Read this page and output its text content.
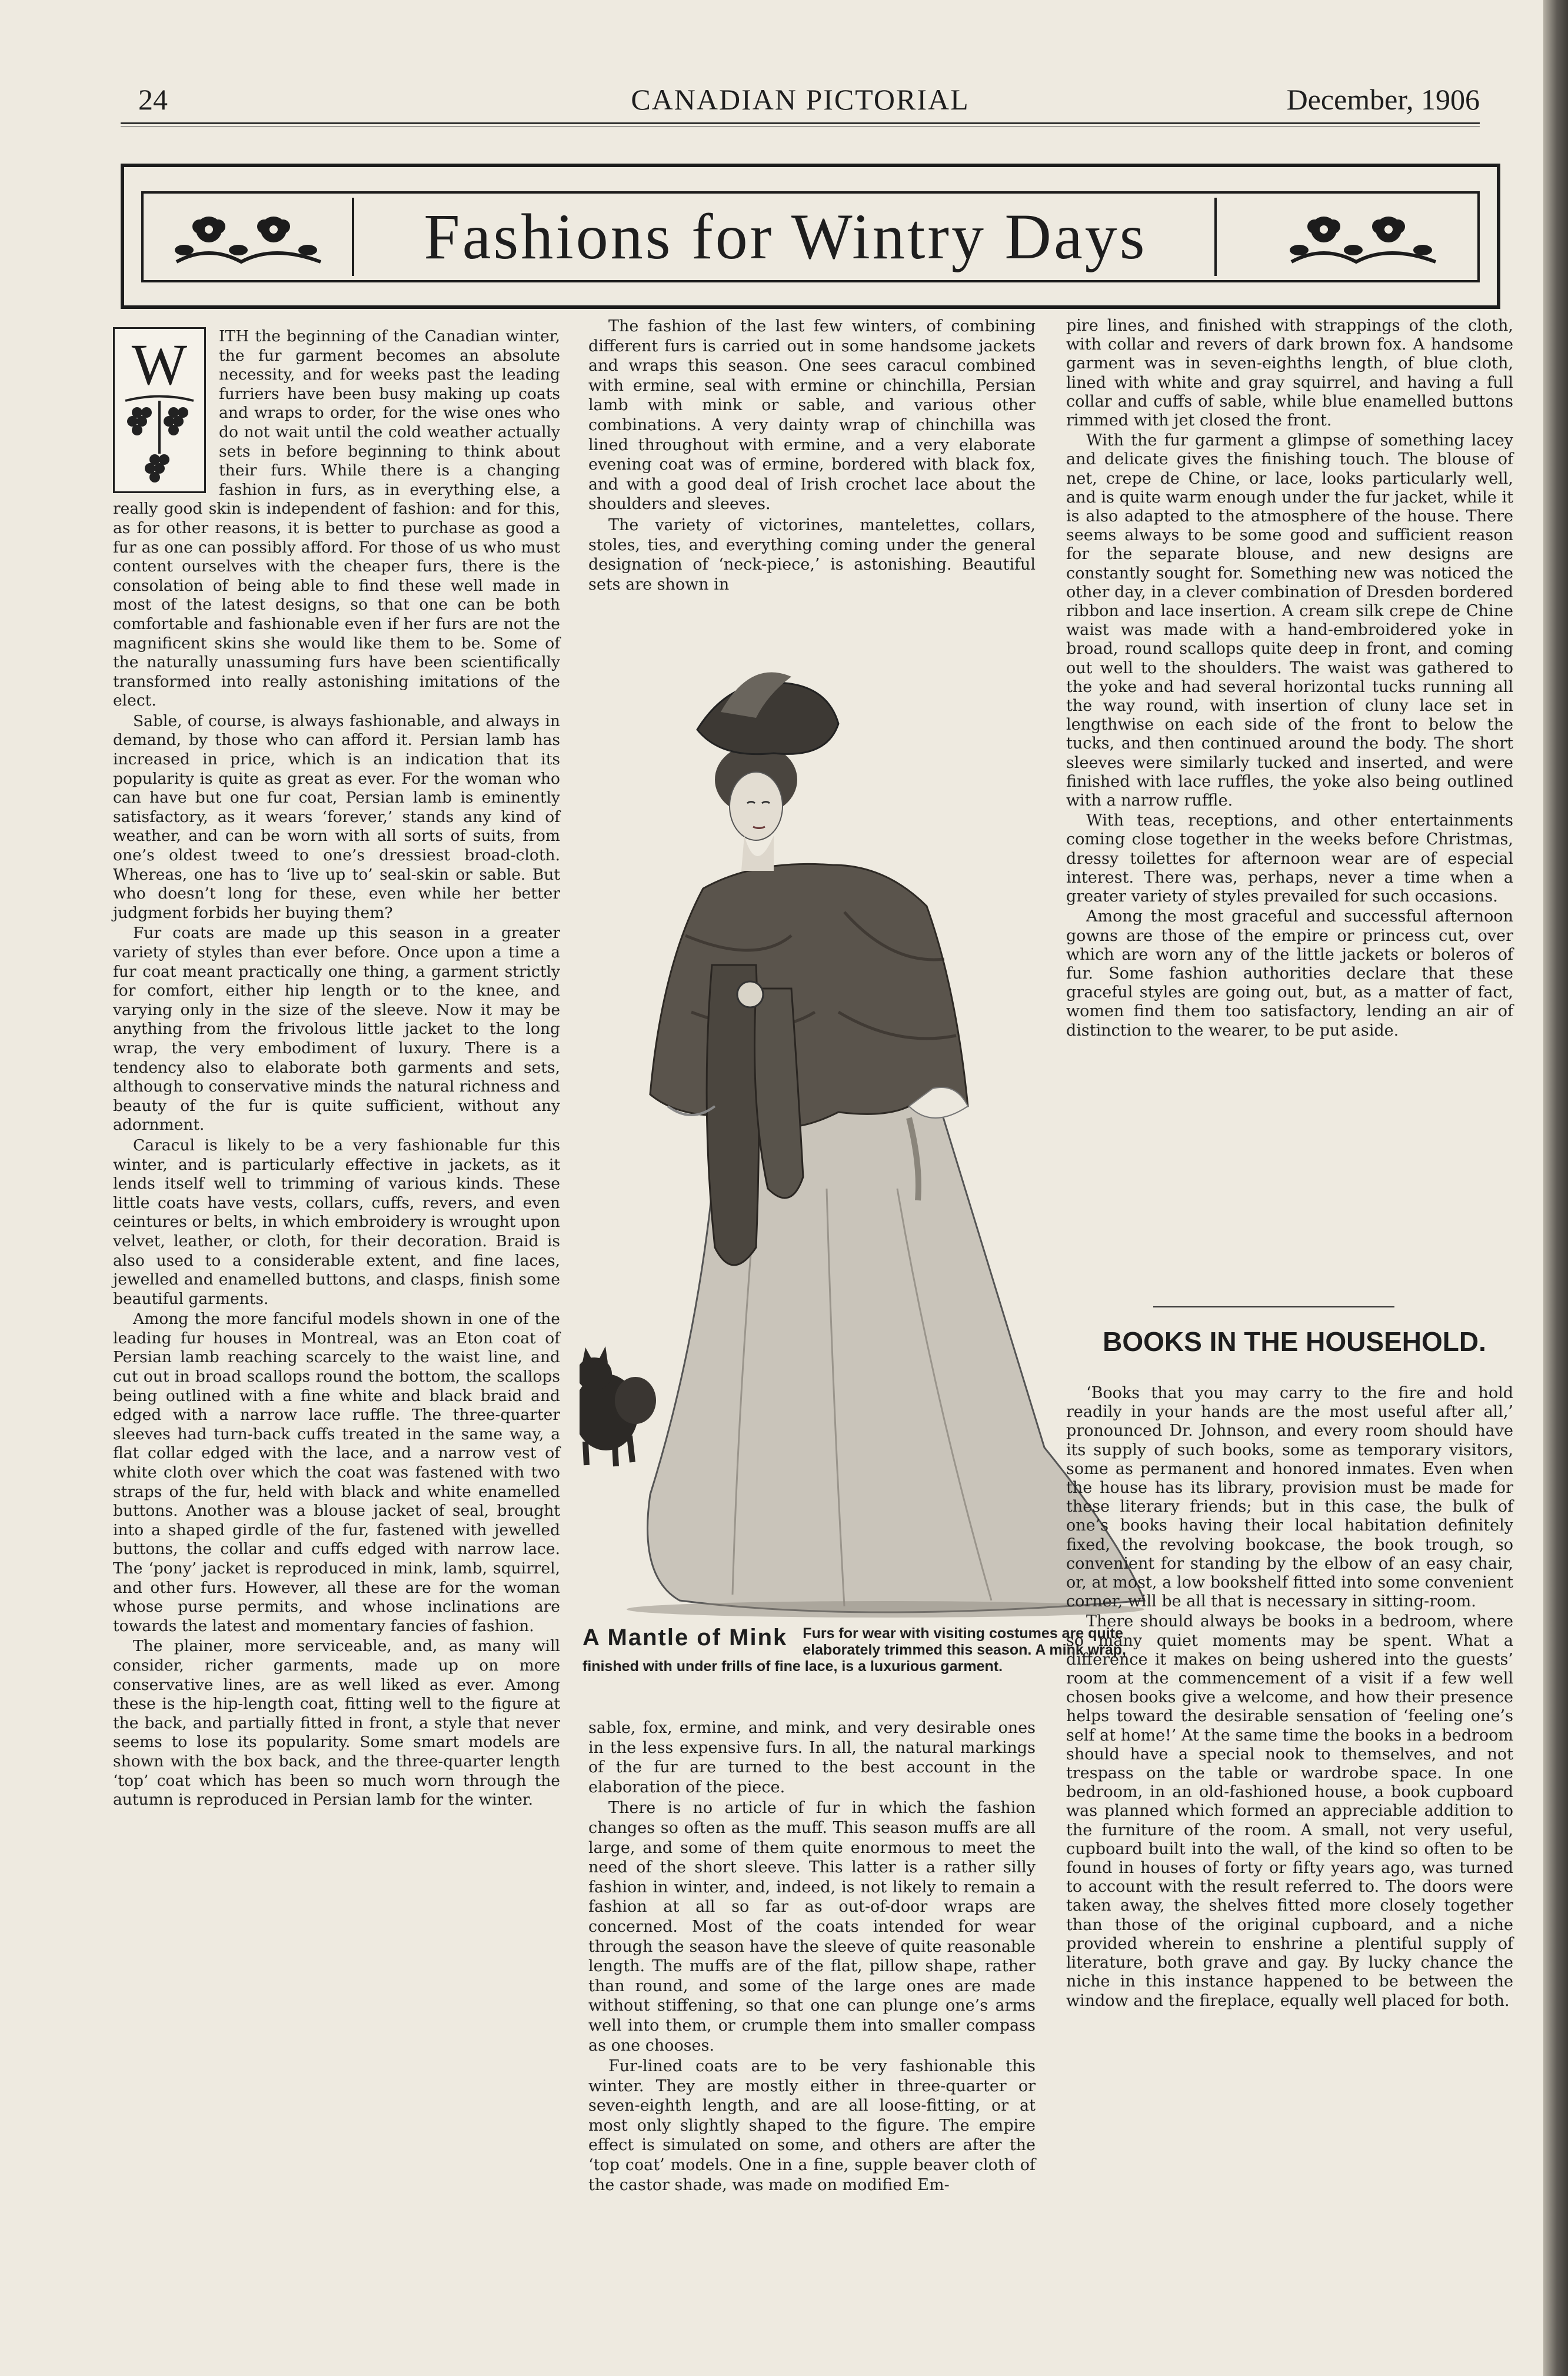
24	CANADIAN PICTORIAL	December, 1906
Fashions for Wintry Days

W	ITH the beginning of the Canadian winter, the fur garment becomes an absolute necessity, and for weeks past the leading furriers have been busy making up coats and wraps to order, for the wise ones who do not wait until the cold weather actually sets in before beginning to think about their furs. While there is a changing fashion in furs, as in everything else, a really good skin is independent of fashion: and for this, as for other reasons, it is better to purchase as good a fur as one can possibly afford. For those of us who must content ourselves with the cheaper furs, there is the consolation of being able to find these well made in most of the latest designs, so that one can be both comfortable and fashionable even if her furs are not the magnificent skins she would like them to be. Some of the naturally unassuming furs have been scientifically transformed into really astonishing imitations of the elect.

Sable, of course, is always fashionable, and always in demand, by those who can afford it. Persian lamb has increased in price, which is an indication that its popularity is quite as great as ever. For the woman who can have but one fur coat, Persian lamb is eminently satisfactory, as it wears ‘forever,’ stands any kind of weather, and can be worn with all sorts of suits, from one’s oldest tweed to one’s dressiest broad-cloth. Whereas, one has to ‘live up to’ seal-skin or sable. But who doesn’t long for these, even while her better judgment forbids her buying them?

Fur coats are made up this season in a greater variety of styles than ever before. Once upon a time a fur coat meant practically one thing, a garment strictly for comfort, either hip length or to the knee, and varying only in the size of the sleeve. Now it may be anything from the frivolous little jacket to the long wrap, the very embodiment of luxury. There is a tendency also to elaborate both garments and sets, although to conservative minds the natural richness and beauty of the fur is quite sufficient, without any adornment.

Caracul is likely to be a very fashionable fur this winter, and is particularly effective in jackets, as it lends itself well to trimming of various kinds. These little coats have vests, collars, cuffs, revers, and even ceintures or belts, in which embroidery is wrought upon velvet, leather, or cloth, for their decoration. Braid is also used to a considerable extent, and fine laces, jewelled and enamelled buttons, and clasps, finish some beautiful garments.

Among the more fanciful models shown in one of the leading fur houses in Montreal, was an Eton coat of Persian lamb reaching scarcely to the waist line, and cut out in broad scallops round the bottom, the scallops being outlined with a fine white and black braid and edged with a narrow lace ruffle. The three-quarter sleeves had turn-back cuffs treated in the same way, a flat collar edged with the lace, and a narrow vest of white cloth over which the coat was fastened with two straps of the fur, held with black and white enamelled buttons. Another was a blouse jacket of seal, brought into a shaped girdle of the fur, fastened with jewelled buttons, the collar and cuffs edged with narrow lace. The ‘pony’ jacket is reproduced in mink, lamb, squirrel, and other furs. However, all these are for the woman whose purse permits, and whose inclinations are towards the latest and momentary fancies of fashion.

The plainer, more serviceable, and, as many will consider, richer garments, made up on more conservative lines, are as well liked as ever. Among these is the hip-length coat, fitting well to the figure at the back, and partially fitted in front, a style that never seems to lose its popularity. Some smart models are shown with the box back, and the three-quarter length ‘top’ coat which has been so much worn through the autumn is reproduced in Persian lamb for the winter.

The fashion of the last few winters, of combining different furs is carried out in some handsome jackets and wraps this season. One sees caracul combined with ermine, seal with ermine or chinchilla, Persian lamb with mink or sable, and various other combinations. A very dainty wrap of chinchilla was lined throughout with ermine, and a very elaborate evening coat was of ermine, bordered with black fox, and with a good deal of Irish crochet lace about the shoulders and sleeves.

The variety of victorines, mantelettes, collars, stoles, ties, and everything coming under the general designation of ‘neck-piece,’ is astonishing. Beautiful sets are shown in

A Mantle of Mink Furs for wear with visiting costumes are quite elaborately trimmed this season. A mink wrap, finished with under frills of fine lace, is a luxurious garment.

sable, fox, ermine, and mink, and very desirable ones in the less expensive furs. In all, the natural markings of the fur are turned to the best account in the elaboration of the piece.

There is no article of fur in which the fashion changes so often as the muff. This season muffs are all large, and some of them quite enormous to meet the need of the short sleeve. This latter is a rather silly fashion in winter, and, indeed, is not likely to remain a fashion at all so far as out-of-door wraps are concerned. Most of the coats intended for wear through the season have the sleeve of quite reasonable length. The muffs are of the flat, pillow shape, rather than round, and some of the large ones are made without stiffening, so that one can plunge one’s arms well into them, or crumple them into smaller compass as one chooses.

Fur-lined coats are to be very fashionable this winter. They are mostly either in three-quarter or seven-eighth length, and are all loose-fitting, or at most only slightly shaped to the figure. The empire effect is simulated on some, and others are after the ‘top coat’ models. One in a fine, supple beaver cloth of the castor shade, was made on modified Em-

pire lines, and finished with strappings of the cloth, with collar and revers of dark brown fox. A handsome garment was in seven-eighths length, of blue cloth, lined with white and gray squirrel, and having a full collar and cuffs of sable, while blue enamelled buttons rimmed with jet closed the front.

With the fur garment a glimpse of something lacey and delicate gives the finishing touch. The blouse of net, crepe de Chine, or lace, looks particularly well, and is quite warm enough under the fur jacket, while it is also adapted to the atmosphere of the house. There seems always to be some good and sufficient reason for the separate blouse, and new designs are constantly sought for. Something new was noticed the other day, in a clever combination of Dresden bordered ribbon and lace insertion. A cream silk crepe de Chine waist was made with a hand-embroidered yoke in broad, round scallops quite deep in front, and coming out well to the shoulders. The waist was gathered to the yoke and had several horizontal tucks running all the way round, with insertion of cluny lace set in lengthwise on each side of the front to below the tucks, and then continued around the body. The short sleeves were similarly tucked and inserted, and were finished with lace ruffles, the yoke also being outlined with a narrow ruffle.

With teas, receptions, and other entertainments coming close together in the weeks before Christmas, dressy toilettes for afternoon wear are of especial interest. There was, perhaps, never a time when a greater variety of styles prevailed for such occasions.

Among the most graceful and successful afternoon gowns are those of the empire or princess cut, over which are worn any of the little jackets or boleros of fur. Some fashion authorities declare that these graceful styles are going out, but, as a matter of fact, women find them too satisfactory, lending an air of distinction to the wearer, to be put aside.

BOOKS IN THE HOUSEHOLD.

‘Books that you may carry to the fire and hold readily in your hands are the most useful after all,’ pronounced Dr. Johnson, and every room should have its supply of such books, some as temporary visitors, some as permanent and honored inmates. Even when the house has its library, provision must be made for these literary friends; but in this case, the bulk of one’s books having their local habitation definitely fixed, the revolving bookcase, the book trough, so convenient for standing by the elbow of an easy chair, or, at most, a low bookshelf fitted into some convenient corner, will be all that is necessary in sitting-room.

There should always be books in a bedroom, where so many quiet moments may be spent. What a difference it makes on being ushered into the guests’ room at the commencement of a visit if a few well chosen books give a welcome, and how their presence helps toward the desirable sensation of ‘feeling one’s self at home!’ At the same time the books in a bedroom should have a special nook to themselves, and not trespass on the table or wardrobe space. In one bedroom, in an old-fashioned house, a book cupboard was planned which formed an appreciable addition to the furniture of the room. A small, not very useful, cupboard built into the wall, of the kind so often to be found in houses of forty or fifty years ago, was turned to account with the result referred to. The doors were taken away, the shelves fitted more closely together than those of the original cupboard, and a niche provided wherein to enshrine a plentiful supply of literature, both grave and gay. By lucky chance the niche in this instance happened to be between the window and the fireplace, equally well placed for both.
